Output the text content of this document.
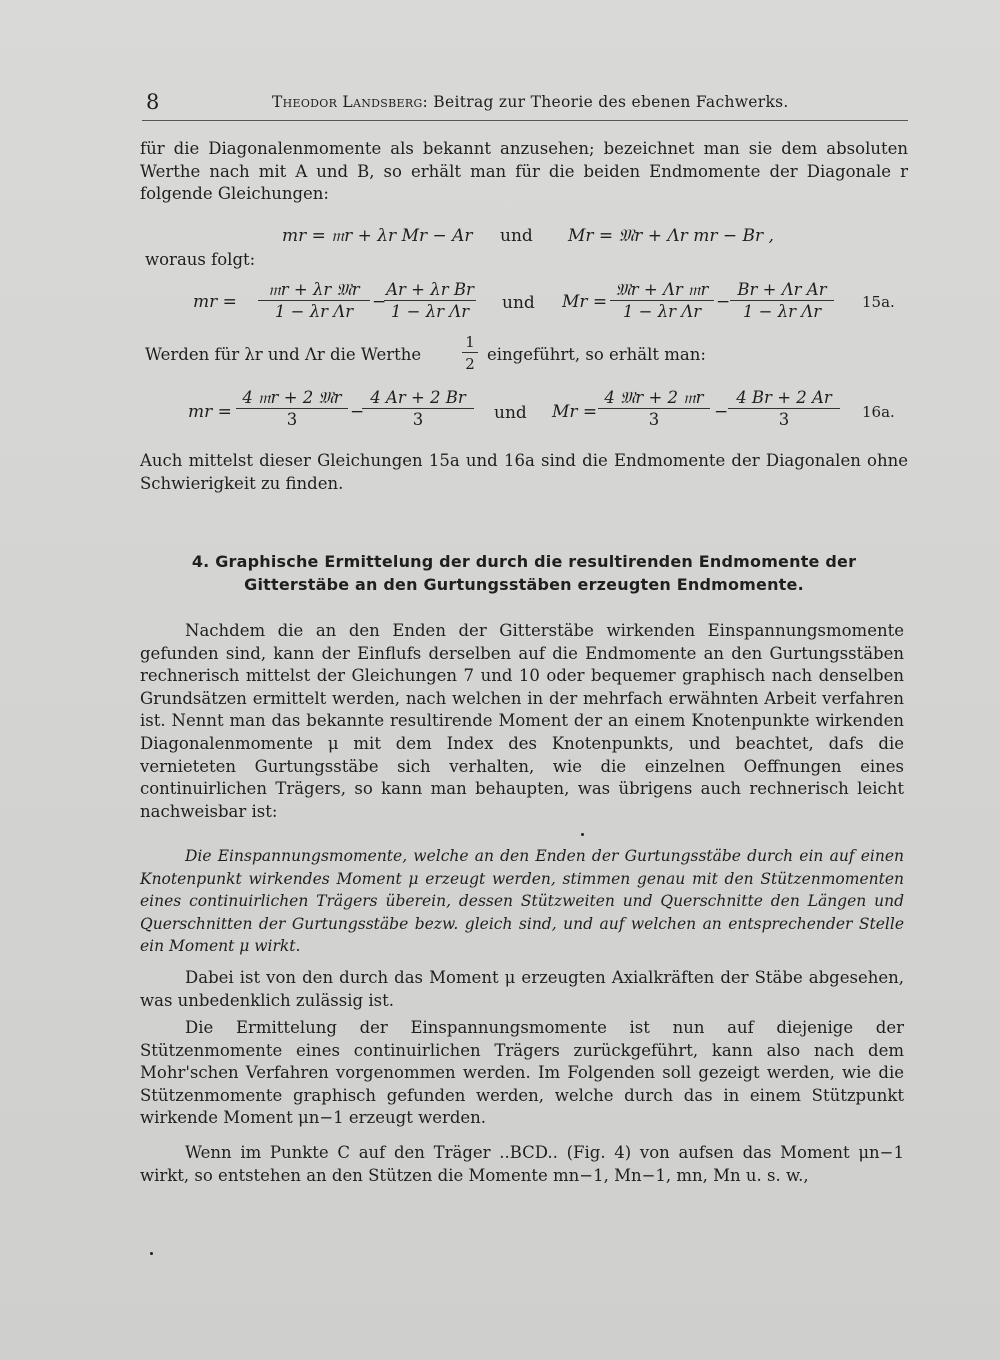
8	Theodor Landsberg: Beitrag zur Theorie des ebenen Fachwerks.
für die Diagonalenmomente als bekannt anzusehen; bezeichnet man sie dem absoluten Werthe nach mit A und B, so erhält man für die beiden Endmomente der Diagonale r folgende Gleichungen:
mr = 𝔪r + λr Mr − Ar und Mr = 𝔐r + Λr mr − Br ,
woraus folgt:
mr =
𝔪r + λr 𝔐r
1 − λr Λr	−
$\frac{\text{Ar + λr Br}}{\text{1 − λr Λr}}$ und Mr =
𝔐r + Λr 𝔪r
1 − λr $\Lambda r - \frac{\text{Br + Λr Ar}}{\text{1 − λr Λr}} 15a$.
Werden für λr und Λr die Werthe	$\frac{1}{2}$ eingeführt, so erhält man:
mr =
4 𝔪r + 2 𝔐r
3	−
$\frac{4 Ar + 2 Br}{3}$ und Mr =
4 𝔐r + 2 𝔪r
3	− $\frac{4 Br + 2 Ar}{3} 16a$.
Auch mittelst dieser Gleichungen 15a und 16a sind die Endmomente der Diagonalen ohne Schwierigkeit zu finden.
4. Graphische Ermittelung der durch die resultirenden Endmomente der
Gitterstäbe an den Gurtungsstäben erzeugten Endmomente.
Nachdem die an den Enden der Gitterstäbe wirkenden Einspannungsmomente gefunden sind, kann der Einflufs derselben auf die Endmomente an den Gurtungsstäben rechnerisch mittelst der Gleichungen 7 und 10 oder bequemer graphisch nach denselben Grundsätzen ermittelt werden, nach welchen in der mehrfach erwähnten Arbeit verfahren ist. Nennt man das bekannte resultirende Moment der an einem Knotenpunkte wirkenden Diagonalenmomente μ mit dem Index des Knotenpunkts, und beachtet, dafs die vernieteten Gurtungsstäbe sich verhalten, wie die einzelnen Oeffnungen eines continuirlichen Trägers, so kann man behaupten, was übrigens auch rechnerisch leicht nachweisbar ist:
Die Einspannungsmomente, welche an den Enden der Gurtungsstäbe durch ein auf einen Knotenpunkt wirkendes Moment μ erzeugt werden, stimmen genau mit den Stützenmomenten eines continuirlichen Trägers überein, dessen Stützweiten und Querschnitte den Längen und Querschnitten der Gurtungsstäbe bezw. gleich sind, und auf welchen an entsprechender Stelle ein Moment μ wirkt.
Dabei ist von den durch das Moment μ erzeugten Axialkräften der Stäbe abgesehen, was unbedenklich zulässig ist.
Die Ermittelung der Einspannungsmomente ist nun auf diejenige der Stützenmomente eines continuirlichen Trägers zurückgeführt, kann also nach dem Mohr'schen Verfahren vorgenommen werden. Im Folgenden soll gezeigt werden, wie die Stützenmomente graphisch gefunden werden, welche durch das in einem Stützpunkt wirkende Moment μn−1 erzeugt werden.
Wenn im Punkte C auf den Träger ..BCD.. (Fig. 4) von aufsen das Moment μn−1 wirkt, so entstehen an den Stützen die Momente mn−1, Mn−1, mn, Mn u. s. w.,
